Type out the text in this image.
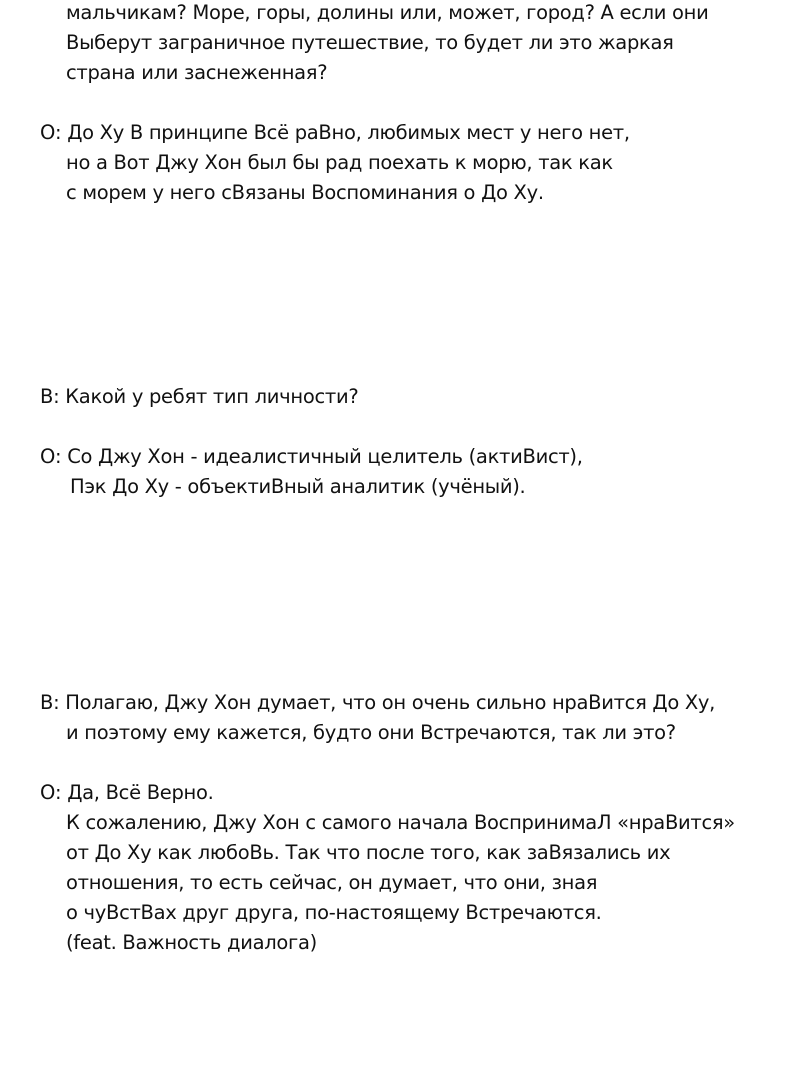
мальчикам? Море, горы, долины или, может, город? А если они
Выберут заграничное путешествие, то будет ли это жаркая
страна или заснеженная?
О: До Ху В принципе Всё раВно, любимых мест у него нет,
но а Вот Джу Хон был бы рад поехать к морю, так как
с морем у него сВязаны Воспоминания о До Ху.
В: Какой у ребят тип личности?
О: Со Джу Хон - идеалистичный целитель (актиВист),
Пэк До Ху - объектиВный аналитик (учёный).
В: Полагаю, Джу Хон думает, что он очень сильно нраВится До Ху,
и поэтому ему кажется, будто они Встречаются, так ли это?
О: Да, Всё Верно.
К сожалению, Джу Хон с самого начала ВоспринимаЛ «нраВится»
от До Ху как любоВь. Так что после того, как заВязались их
отношения, то есть сейчас, он думает, что они, зная
о чуВстВах друг друга, по-настоящему Встречаются.
(feat. Важность диалога)
